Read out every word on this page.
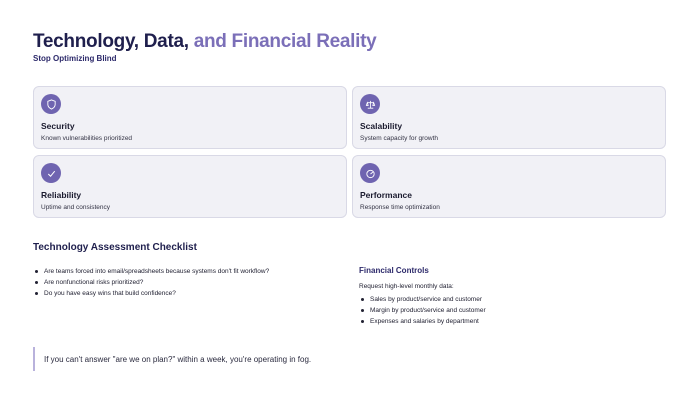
Technology, Data, and Financial Reality
Stop Optimizing Blind
Security
Known vulnerabilities prioritized
Scalability
System capacity for growth
Reliability
Uptime and consistency
Performance
Response time optimization
Technology Assessment Checklist
Are teams forced into email/spreadsheets because systems don't fit workflow?
Are nonfunctional risks prioritized?
Do you have easy wins that build confidence?
Financial Controls
Request high-level monthly data:
Sales by product/service and customer
Margin by product/service and customer
Expenses and salaries by department
If you can't answer "are we on plan?" within a week, you're operating in fog.
